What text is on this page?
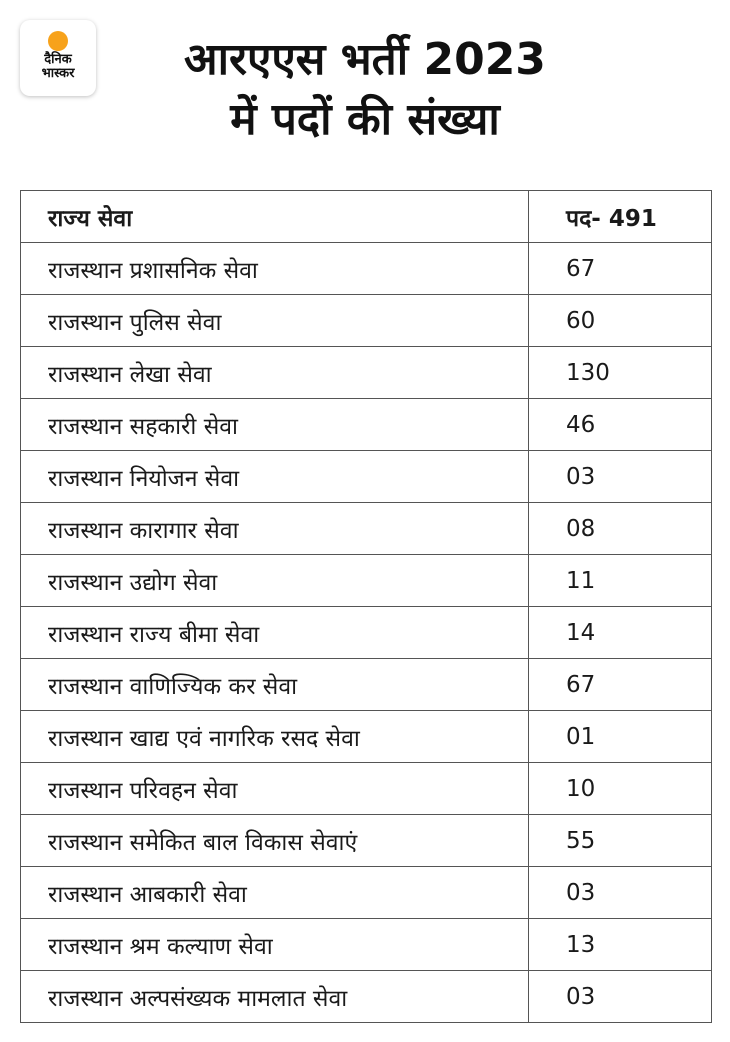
दैनिक
भास्कर	आरएएस भर्ती 2023
में पदों की संख्या
राज्य सेवा	पद- 491
राजस्थान प्रशासनिक सेवा	67
राजस्थान पुलिस सेवा	60
राजस्थान लेखा सेवा	130
राजस्थान सहकारी सेवा	46
राजस्थान नियोजन सेवा	03
राजस्थान कारागार सेवा	08
राजस्थान उद्योग सेवा	11
राजस्थान राज्य बीमा सेवा	14
राजस्थान वाणिज्यिक कर सेवा	67
राजस्थान खाद्य एवं नागरिक रसद सेवा	01
राजस्थान परिवहन सेवा	10
राजस्थान समेकित बाल विकास सेवाएं	55
राजस्थान आबकारी सेवा	03
राजस्थान श्रम कल्याण सेवा	13
राजस्थान अल्पसंख्यक मामलात सेवा	03
